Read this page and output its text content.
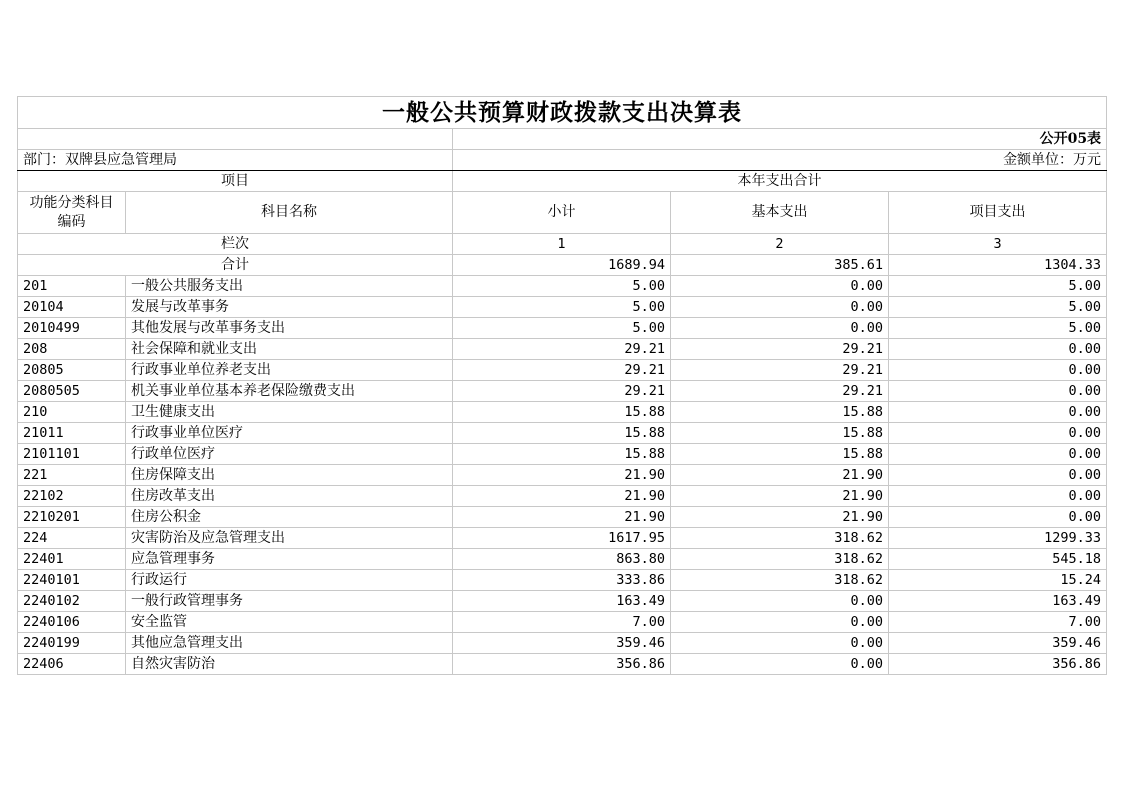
一般公共预算财政拨款支出决算表				
		公开05表		
部门：双牌县应急管理局		金额单位：万元		
项目		本年支出合计		
功能分类科目编码	科目名称	小计	基本支出	项目支出
栏次		1	2	3
合计		1689.94	385.61	1304.33
201	一般公共服务支出	5.00	0.00	5.00
20104	发展与改革事务	5.00	0.00	5.00
2010499	其他发展与改革事务支出	5.00	0.00	5.00
208	社会保障和就业支出	29.21	29.21	0.00
20805	行政事业单位养老支出	29.21	29.21	0.00
2080505	机关事业单位基本养老保险缴费支出	29.21	29.21	0.00
210	卫生健康支出	15.88	15.88	0.00
21011	行政事业单位医疗	15.88	15.88	0.00
2101101	行政单位医疗	15.88	15.88	0.00
221	住房保障支出	21.90	21.90	0.00
22102	住房改革支出	21.90	21.90	0.00
2210201	住房公积金	21.90	21.90	0.00
224	灾害防治及应急管理支出	1617.95	318.62	1299.33
22401	应急管理事务	863.80	318.62	545.18
2240101	行政运行	333.86	318.62	15.24
2240102	一般行政管理事务	163.49	0.00	163.49
2240106	安全监管	7.00	0.00	7.00
2240199	其他应急管理支出	359.46	0.00	359.46
22406	自然灾害防治	356.86	0.00	356.86
